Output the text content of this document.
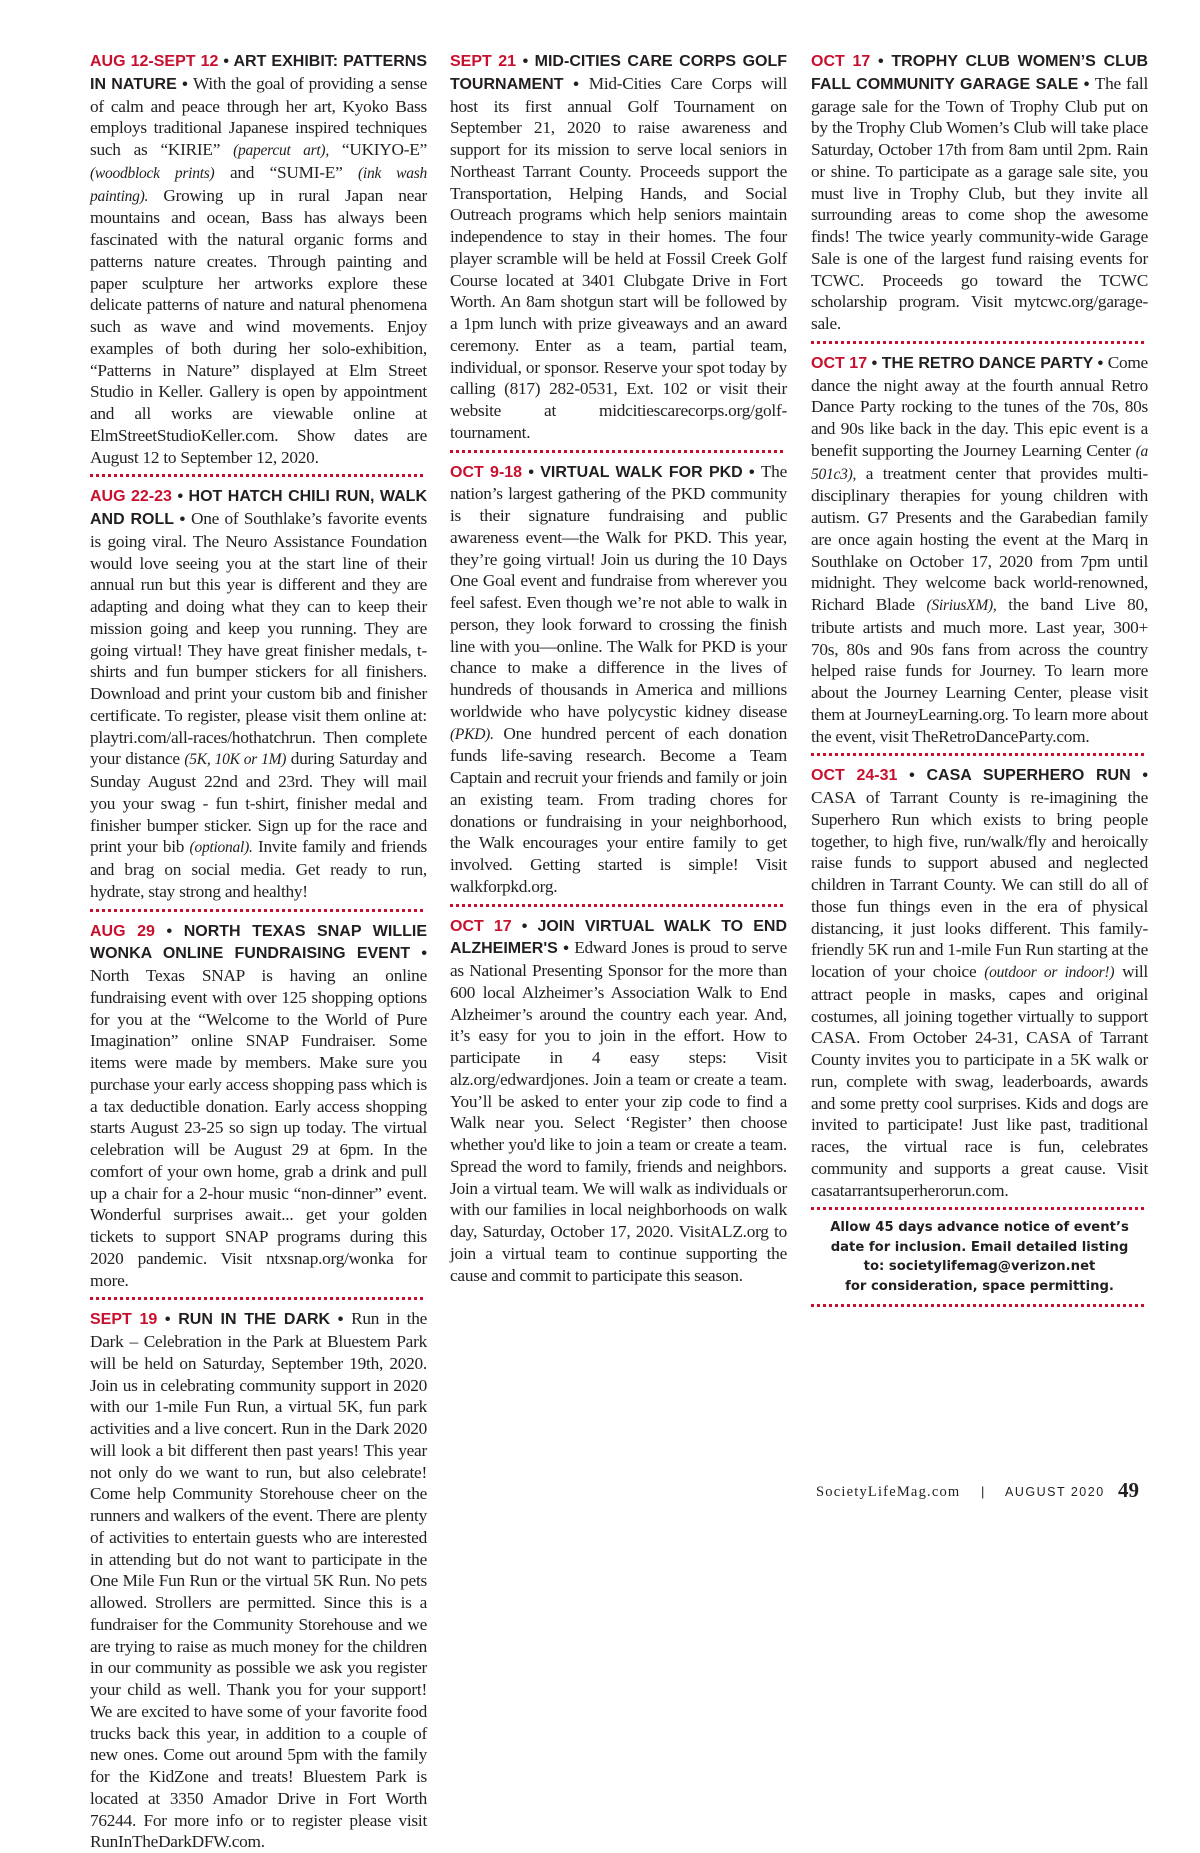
AUG 12-SEPT 12 • ART EXHIBIT: PATTERNS IN NATURE • With the goal of providing a sense of calm and peace through her art, Kyoko Bass employs traditional Japanese inspired techniques such as “KIRIE” (papercut art), “UKIYO-E” (woodblock prints) and “SUMI-E” (ink wash painting). Growing up in rural Japan near mountains and ocean, Bass has always been fascinated with the natural organic forms and patterns nature creates. Through painting and paper sculpture her artworks explore these delicate patterns of nature and natural phenomena such as wave and wind movements. Enjoy examples of both during her solo-exhibition, “Patterns in Nature” displayed at Elm Street Studio in Keller. Gallery is open by appointment and all works are viewable online at ElmStreetStudioKeller.com. Show dates are August 12 to September 12, 2020.

AUG 22-23 • HOT HATCH CHILI RUN, WALK AND ROLL • One of Southlake’s favorite events is going viral. The Neuro Assistance Foundation would love seeing you at the start line of their annual run but this year is different and they are adapting and doing what they can to keep their mission going and keep you running. They are going virtual! They have great finisher medals, t-shirts and fun bumper stickers for all finishers. Download and print your custom bib and finisher certificate. To register, please visit them online at: playtri.com/all-races/hothatchrun. Then complete your distance (5K, 10K or 1M) during Saturday and Sunday August 22nd and 23rd. They will mail you your swag - fun t-shirt, finisher medal and finisher bumper sticker. Sign up for the race and print your bib (optional). Invite family and friends and brag on social media. Get ready to run, hydrate, stay strong and healthy!

AUG 29 • NORTH TEXAS SNAP WILLIE WONKA ONLINE FUNDRAISING EVENT • North Texas SNAP is having an online fundraising event with over 125 shopping options for you at the “Welcome to the World of Pure Imagination” online SNAP Fundraiser. Some items were made by members. Make sure you purchase your early access shopping pass which is a tax deductible donation. Early access shopping starts August 23-25 so sign up today. The virtual celebration will be August 29 at 6pm. In the comfort of your own home, grab a drink and pull up a chair for a 2-hour music “non-dinner” event. Wonderful surprises await... get your golden tickets to support SNAP programs during this 2020 pandemic. Visit ntxsnap.org/wonka for more.

SEPT 19 • RUN IN THE DARK • Run in the Dark – Celebration in the Park at Bluestem Park will be held on Saturday, September 19th, 2020. Join us in celebrating community support in 2020 with our 1-mile Fun Run, a virtual 5K, fun park activities and a live concert. Run in the Dark 2020 will look a bit different then past years! This year not only do we want to run, but also celebrate! Come help Community Storehouse cheer on the runners and walkers of the event. There are plenty of activities to entertain guests who are interested in attending but do not want to participate in the One Mile Fun Run or the virtual 5K Run. No pets allowed. Strollers are permitted. Since this is a fundraiser for the Community Storehouse and we are trying to raise as much money for the children in our community as possible we ask you register your child as well. Thank you for your support! We are excited to have some of your favorite food trucks back this year, in addition to a couple of new ones. Come out around 5pm with the family for the KidZone and treats! Bluestem Park is located at 3350 Amador Drive in Fort Worth 76244. For more info or to register please visit RunInTheDarkDFW.com.

SEPT 21 • MID-CITIES CARE CORPS GOLF TOURNAMENT • Mid-Cities Care Corps will host its first annual Golf Tournament on September 21, 2020 to raise awareness and support for its mission to serve local seniors in Northeast Tarrant County. Proceeds support the Transportation, Helping Hands, and Social Outreach programs which help seniors maintain independence to stay in their homes. The four player scramble will be held at Fossil Creek Golf Course located at 3401 Clubgate Drive in Fort Worth. An 8am shotgun start will be followed by a 1pm lunch with prize giveaways and an award ceremony. Enter as a team, partial team, individual, or sponsor. Reserve your spot today by calling (817) 282-0531, Ext. 102 or visit their website at midcitiescarecorps.org/golf-tournament.

OCT 9-18 • VIRTUAL WALK FOR PKD • The nation’s largest gathering of the PKD community is their signature fundraising and public awareness event—the Walk for PKD. This year, they’re going virtual! Join us during the 10 Days One Goal event and fundraise from wherever you feel safest. Even though we’re not able to walk in person, they look forward to crossing the finish line with you—online. The Walk for PKD is your chance to make a difference in the lives of hundreds of thousands in America and millions worldwide who have polycystic kidney disease (PKD). One hundred percent of each donation funds life-saving research. Become a Team Captain and recruit your friends and family or join an existing team. From trading chores for donations or fundraising in your neighborhood, the Walk encourages your entire family to get involved. Getting started is simple! Visit walkforpkd.org.

OCT 17 • JOIN VIRTUAL WALK TO END ALZHEIMER'S • Edward Jones is proud to serve as National Presenting Sponsor for the more than 600 local Alzheimer’s Association Walk to End Alzheimer’s around the country each year. And, it’s easy for you to join in the effort. How to participate in 4 easy steps: Visit alz.org/edwardjones. Join a team or create a team. You’ll be asked to enter your zip code to find a Walk near you. Select ‘Register’ then choose whether you'd like to join a team or create a team. Spread the word to family, friends and neighbors. Join a virtual team. We will walk as individuals or with our families in local neighborhoods on walk day, Saturday, October 17, 2020. VisitALZ.org to join a virtual team to continue supporting the cause and commit to participate this season.

OCT 17 • TROPHY CLUB WOMEN’S CLUB FALL COMMUNITY GARAGE SALE • The fall garage sale for the Town of Trophy Club put on by the Trophy Club Women’s Club will take place Saturday, October 17th from 8am until 2pm. Rain or shine. To participate as a garage sale site, you must live in Trophy Club, but they invite all surrounding areas to come shop the awesome finds! The twice yearly community-wide Garage Sale is one of the largest fund raising events for TCWC. Proceeds go toward the TCWC scholarship program. Visit mytcwc.org/garage-sale.

OCT 17 • THE RETRO DANCE PARTY • Come dance the night away at the fourth annual Retro Dance Party rocking to the tunes of the 70s, 80s and 90s like back in the day. This epic event is a benefit supporting the Journey Learning Center (a 501c3), a treatment center that provides multi-disciplinary therapies for young children with autism. G7 Presents and the Garabedian family are once again hosting the event at the Marq in Southlake on October 17, 2020 from 7pm until midnight. They welcome back world-renowned, Richard Blade (SiriusXM), the band Live 80, tribute artists and much more. Last year, 300+ 70s, 80s and 90s fans from across the country helped raise funds for Journey. To learn more about the Journey Learning Center, please visit them at JourneyLearning.org. To learn more about the event, visit TheRetroDanceParty.com.

OCT 24-31 • CASA SUPERHERO RUN • CASA of Tarrant County is re-imagining the Superhero Run which exists to bring people together, to high five, run/walk/fly and heroically raise funds to support abused and neglected children in Tarrant County. We can still do all of those fun things even in the era of physical distancing, it just looks different. This family-friendly 5K run and 1-mile Fun Run starting at the location of your choice (outdoor or indoor!) will attract people in masks, capes and original costumes, all joining together virtually to support CASA. From October 24-31, CASA of Tarrant County invites you to participate in a 5K walk or run, complete with swag, leaderboards, awards and some pretty cool surprises. Kids and dogs are invited to participate! Just like past, traditional races, the virtual race is fun, celebrates community and supports a great cause. Visit casatarrantsuperherorun.com.

Allow 45 days advance notice of event’s
date for inclusion. Email detailed listing
to: societylifemag@verizon.net
for consideration, space permitting.
SocietyLifeMag.com | AUGUST 2020 49
